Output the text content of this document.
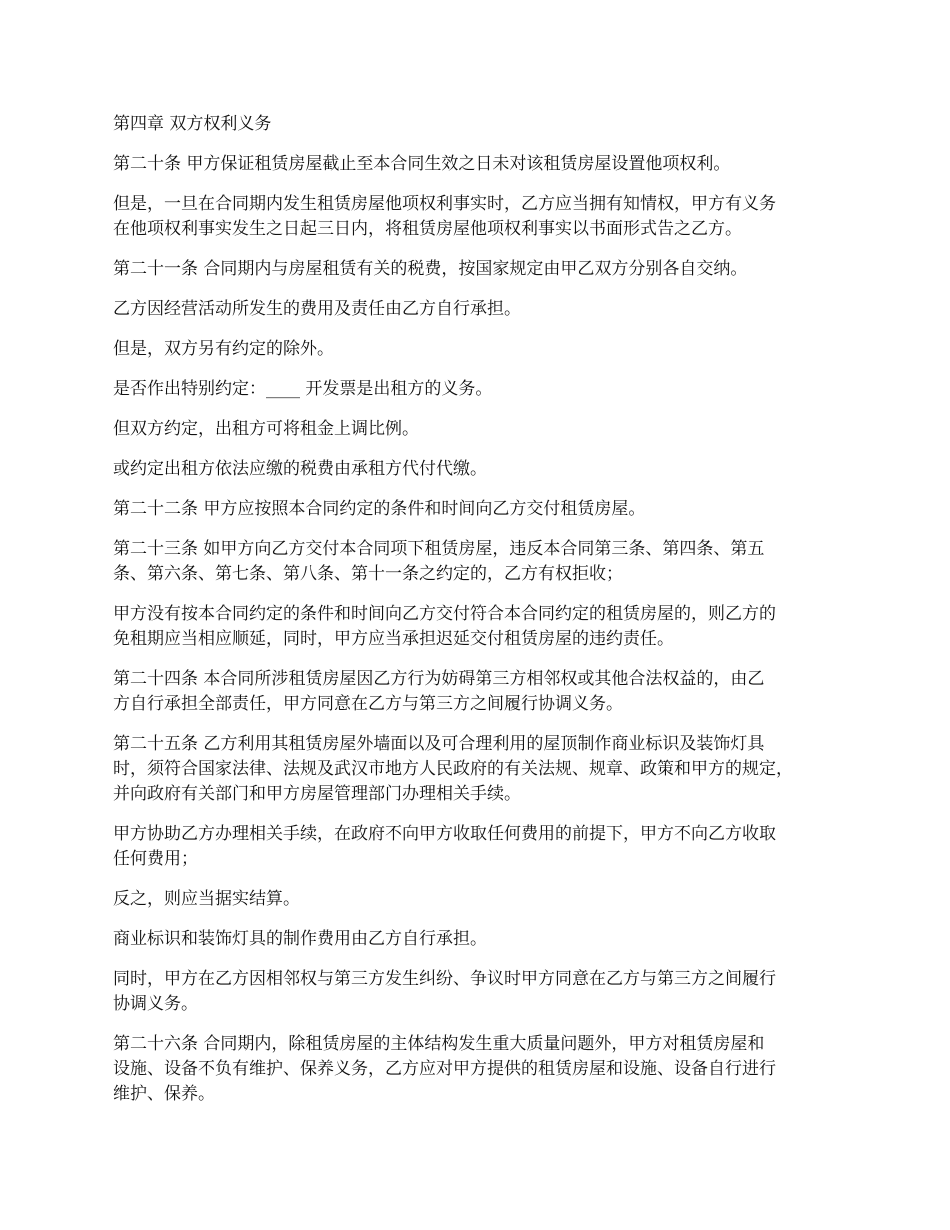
第四章 双方权利义务

第二十条 甲方保证租赁房屋截止至本合同生效之日未对该租赁房屋设置他项权利。

但是，一旦在合同期内发生租赁房屋他项权利事实时，乙方应当拥有知情权，甲方有义务
在他项权利事实发生之日起三日内，将租赁房屋他项权利事实以书面形式告之乙方。

第二十一条 合同期内与房屋租赁有关的税费，按国家规定由甲乙双方分别各自交纳。

乙方因经营活动所发生的费用及责任由乙方自行承担。

但是，双方另有约定的除外。

是否作出特别约定：____ 开发票是出租方的义务。

但双方约定，出租方可将租金上调比例。

或约定出租方依法应缴的税费由承租方代付代缴。

第二十二条 甲方应按照本合同约定的条件和时间向乙方交付租赁房屋。

第二十三条 如甲方向乙方交付本合同项下租赁房屋，违反本合同第三条、第四条、第五
条、第六条、第七条、第八条、第十一条之约定的，乙方有权拒收；

甲方没有按本合同约定的条件和时间向乙方交付符合本合同约定的租赁房屋的，则乙方的
免租期应当相应顺延，同时，甲方应当承担迟延交付租赁房屋的违约责任。

第二十四条 本合同所涉租赁房屋因乙方行为妨碍第三方相邻权或其他合法权益的，由乙
方自行承担全部责任，甲方同意在乙方与第三方之间履行协调义务。

第二十五条 乙方利用其租赁房屋外墙面以及可合理利用的屋顶制作商业标识及装饰灯具
时，须符合国家法律、法规及武汉市地方人民政府的有关法规、规章、政策和甲方的规定，
并向政府有关部门和甲方房屋管理部门办理相关手续。

甲方协助乙方办理相关手续，在政府不向甲方收取任何费用的前提下，甲方不向乙方收取
任何费用；

反之，则应当据实结算。

商业标识和装饰灯具的制作费用由乙方自行承担。

同时，甲方在乙方因相邻权与第三方发生纠纷、争议时甲方同意在乙方与第三方之间履行
协调义务。

第二十六条 合同期内，除租赁房屋的主体结构发生重大质量问题外，甲方对租赁房屋和
设施、设备不负有维护、保养义务，乙方应对甲方提供的租赁房屋和设施、设备自行进行
维护、保养。
